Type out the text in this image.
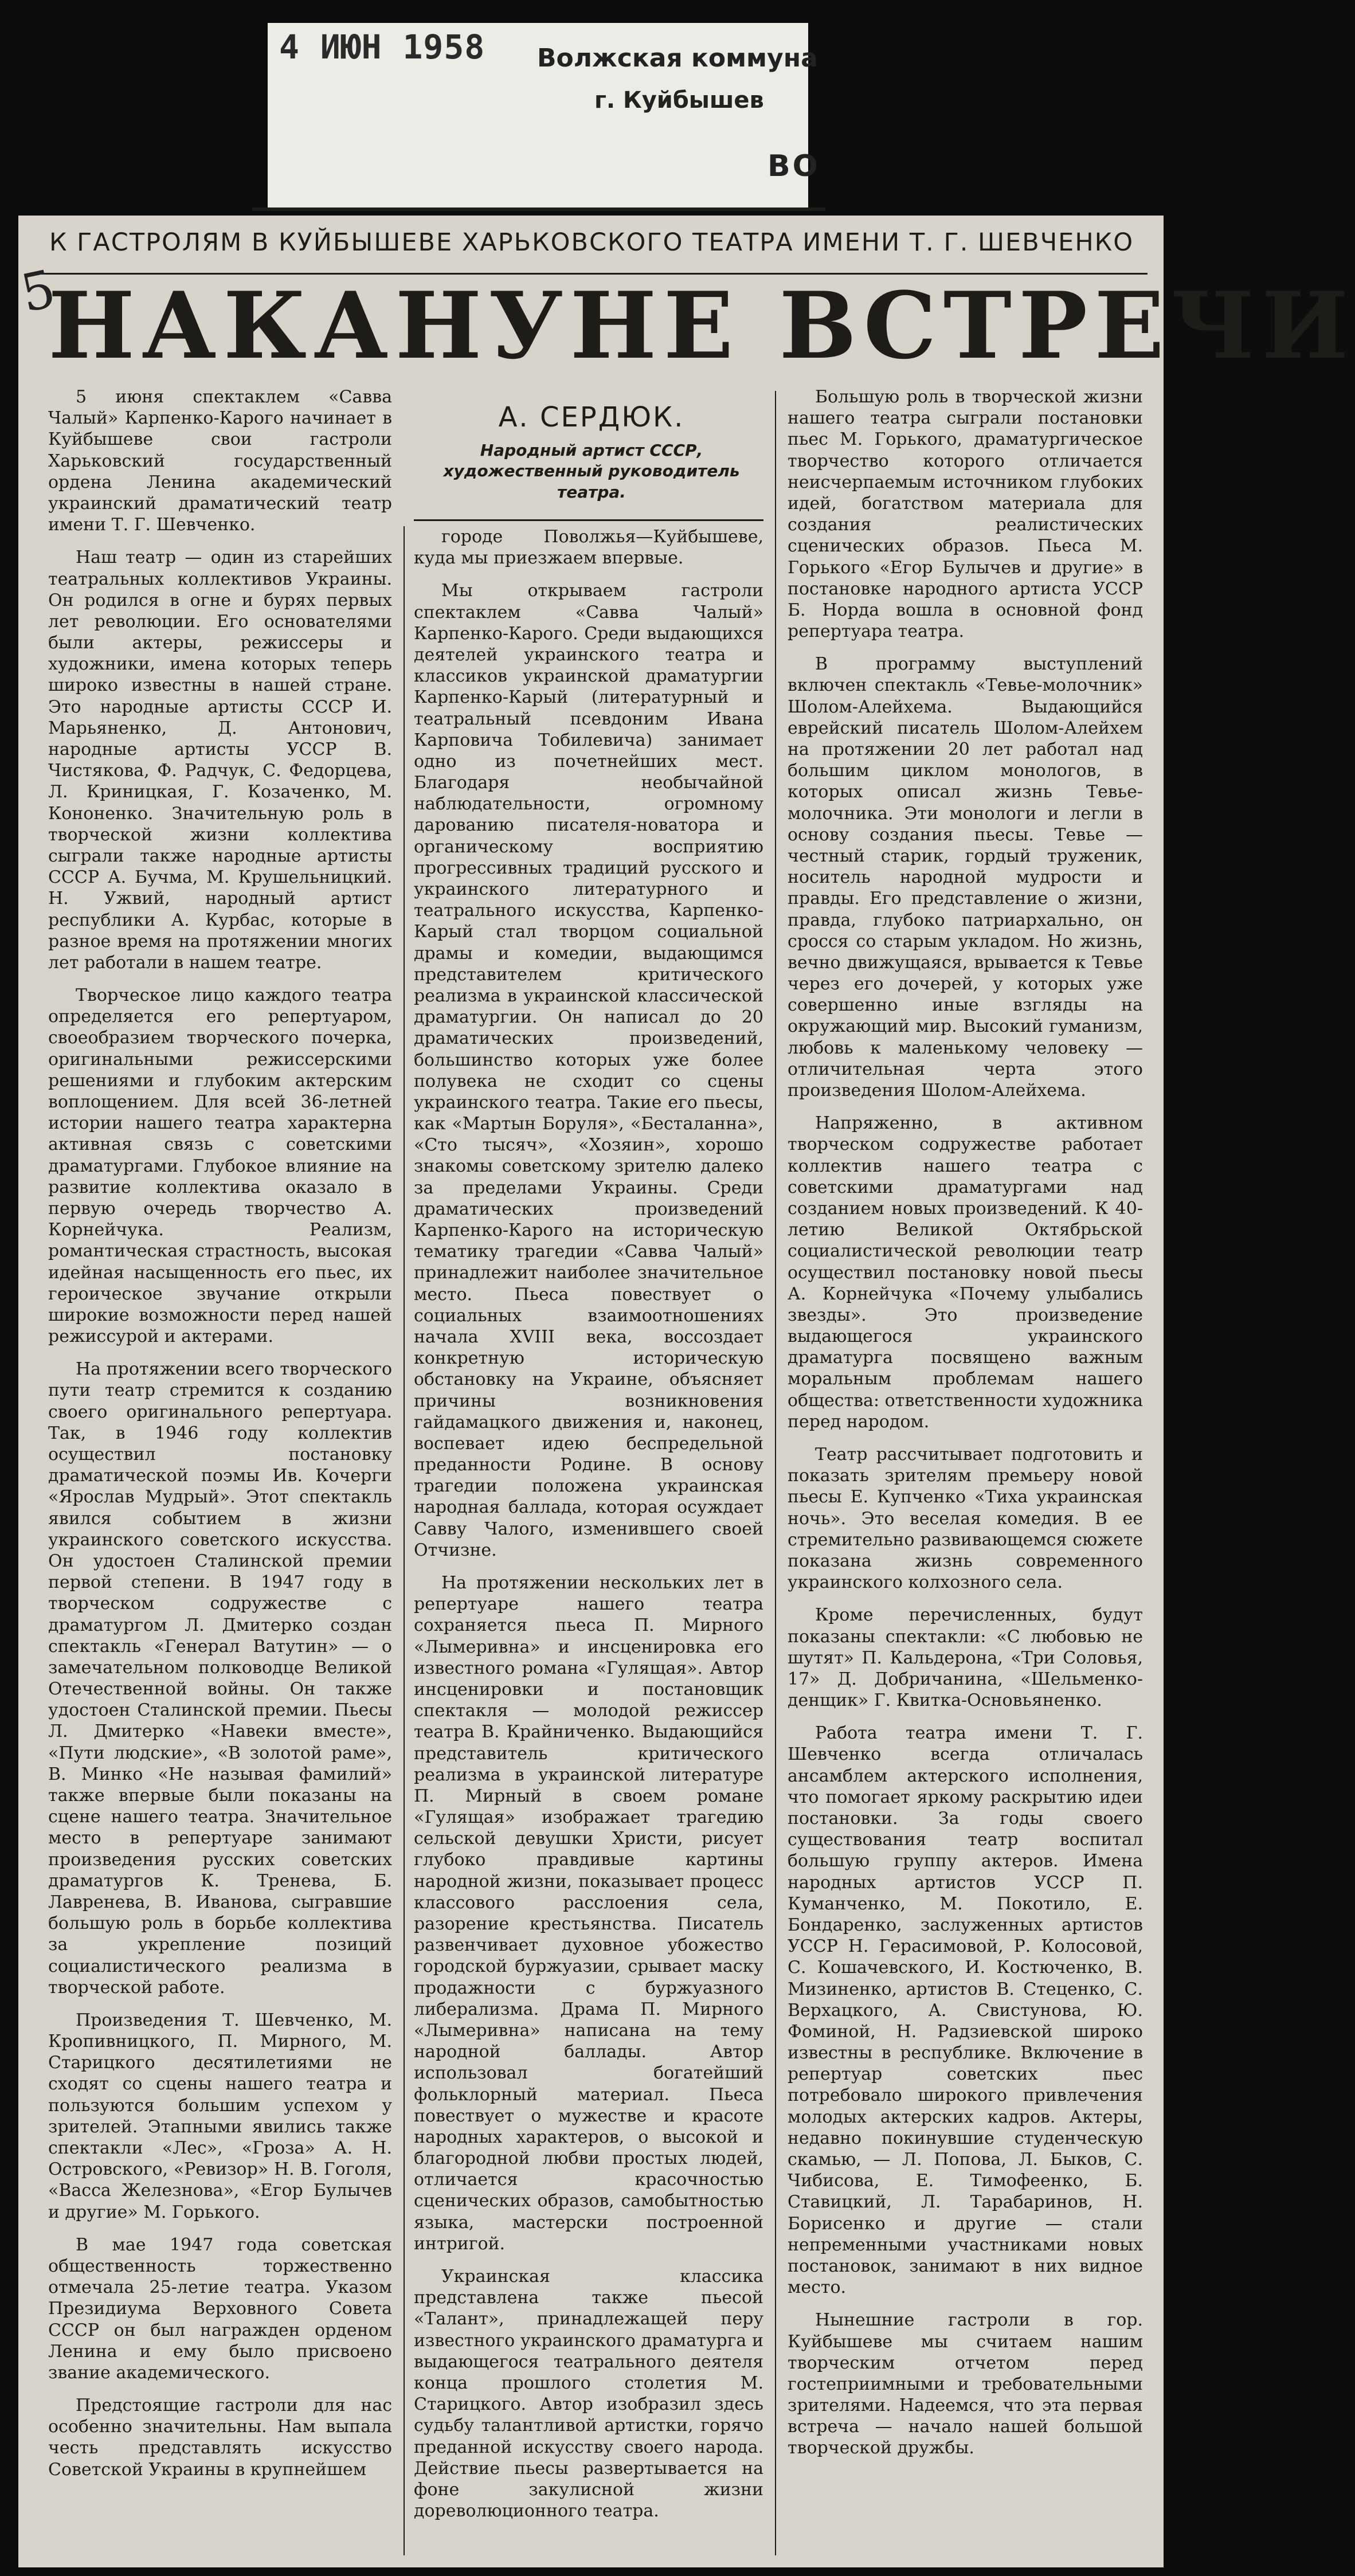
4 ИЮН 1958 Волжская коммуна
г. Куйбышев
ВО
К ГАСТРОЛЯМ В КУЙБЫШЕВЕ ХАРЬКОВСКОГО ТЕАТРА ИМЕНИ Т. Г. ШЕВЧЕНКО
5
НАКАНУНЕ ВСТРЕЧИ

5 июня спектаклем «Савва Чалый» Карпенко-Карого начинает в Куйбышеве свои гастроли Харьковский государственный ордена Ленина академический украинский драматический театр имени Т. Г. Шевченко.

Наш театр — один из старейших театральных коллективов Украины. Он родился в огне и бурях первых лет революции. Его основателями были актеры, режиссеры и художники, имена которых теперь широко известны в нашей стране. Это народные артисты СССР И. Марьяненко, Д. Антонович, народные артисты УССР В. Чистякова, Ф. Радчук, С. Федорцева, Л. Криницкая, Г. Козаченко, М. Кононенко. Значительную роль в творческой жизни коллектива сыграли также народные артисты СССР А. Бучма, М. Крушельницкий. Н. Ужвий, народный артист республики А. Курбас, которые в разное время на протяжении многих лет работали в нашем театре.

Творческое лицо каждого театра определяется его репертуаром, своеобразием творческого почерка, оригинальными режиссерскими решениями и глубоким актерским воплощением. Для всей 36-летней истории нашего театра характерна активная связь с советскими драматургами. Глубокое влияние на развитие коллектива оказало в первую очередь творчество А. Корнейчука. Реализм, романтическая страстность, высокая идейная насыщенность его пьес, их героическое звучание открыли широкие возможности перед нашей режиссурой и актерами.

На протяжении всего творческого пути театр стремится к созданию своего оригинального репертуара. Так, в 1946 году коллектив осуществил постановку драматической поэмы Ив. Кочерги «Ярослав Мудрый». Этот спектакль явился событием в жизни украинского советского искусства. Он удостоен Сталинской премии первой степени. В 1947 году в творческом содружестве с драматургом Л. Дмитерко создан спектакль «Генерал Ватутин» — о замечательном полководце Великой Отечественной войны. Он также удостоен Сталинской премии. Пьесы Л. Дмитерко «Навеки вместе», «Пути людские», «В золотой раме», В. Минко «Не называя фамилий» также впервые были показаны на сцене нашего театра. Значительное место в репертуаре занимают произведения русских советских драматургов К. Тренева, Б. Лавренева, В. Иванова, сыгравшие большую роль в борьбе коллектива за укрепление позиций социалистического реализма в творческой работе.

Произведения Т. Шевченко, М. Кропивницкого, П. Мирного, М. Старицкого десятилетиями не сходят со сцены нашего театра и пользуются большим успехом у зрителей. Этапными явились также спектакли «Лес», «Гроза» А. Н. Островского, «Ревизор» Н. В. Гоголя, «Васса Железнова», «Егор Булычев и другие» М. Горького.

В мае 1947 года советская общественность торжественно отмечала 25-летие театра. Указом Президиума Верховного Совета СССР он был награжден орденом Ленина и ему было присвоено звание академического.

Предстоящие гастроли для нас особенно значительны. Нам выпала честь представлять искусство Советской Украины в крупнейшем

А. СЕРДЮК.
Народный артист СССР, художественный руководитель театра.

городе Поволжья—Куйбышеве, куда мы приезжаем впервые.

Мы открываем гастроли спектаклем «Савва Чалый» Карпенко-Карого. Среди выдающихся деятелей украинского театра и классиков украинской драматургии Карпенко-Карый (литературный и театральный псевдоним Ивана Карповича Тобилевича) занимает одно из почетнейших мест. Благодаря необычайной наблюдательности, огромному дарованию писателя-новатора и органическому восприятию прогрессивных традиций русского и украинского литературного и театрального искусства, Карпенко-Карый стал творцом социальной драмы и комедии, выдающимся представителем критического реализма в украинской классической драматургии. Он написал до 20 драматических произведений, большинство которых уже более полувека не сходит со сцены украинского театра. Такие его пьесы, как «Мартын Боруля», «Бесталанна», «Сто тысяч», «Хозяин», хорошо знакомы советскому зрителю далеко за пределами Украины. Среди драматических произведений Карпенко-Карого на историческую тематику трагедии «Савва Чалый» принадлежит наиболее значительное место. Пьеса повествует о социальных взаимоотношениях начала XVIII века, воссоздает конкретную историческую обстановку на Украине, объясняет причины возникновения гайдамацкого движения и, наконец, воспевает идею беспредельной преданности Родине. В основу трагедии положена украинская народная баллада, которая осуждает Савву Чалого, изменившего своей Отчизне.

На протяжении нескольких лет в репертуаре нашего театра сохраняется пьеса П. Мирного «Лымеривна» и инсценировка его известного романа «Гулящая». Автор инсценировки и постановщик спектакля — молодой режиссер театра В. Крайниченко. Выдающийся представитель критического реализма в украинской литературе П. Мирный в своем романе «Гулящая» изображает трагедию сельской девушки Христи, рисует глубоко правдивые картины народной жизни, показывает процесс классового расслоения села, разорение крестьянства. Писатель развенчивает духовное убожество городской буржуазии, срывает маску продажности с буржуазного либерализма. Драма П. Мирного «Лымеривна» написана на тему народной баллады. Автор использовал богатейший фольклорный материал. Пьеса повествует о мужестве и красоте народных характеров, о высокой и благородной любви простых людей, отличается красочностью сценических образов, самобытностью языка, мастерски построенной интригой.

Украинская классика представлена также пьесой «Талант», принадлежащей перу известного украинского драматурга и выдающегося театрального деятеля конца прошлого столетия М. Старицкого. Автор изобразил здесь судьбу талантливой артистки, горячо преданной искусству своего народа. Действие пьесы развертывается на фоне закулисной жизни дореволюционного театра.

Большую роль в творческой жизни нашего театра сыграли постановки пьес М. Горького, драматургическое творчество которого отличается неисчерпаемым источником глубоких идей, богатством материала для создания реалистических сценических образов. Пьеса М. Горького «Егор Булычев и другие» в постановке народного артиста УССР Б. Норда вошла в основной фонд репертуара театра.

В программу выступлений включен спектакль «Тевье-молочник» Шолом-Алейхема. Выдающийся еврейский писатель Шолом-Алейхем на протяжении 20 лет работал над большим циклом монологов, в которых описал жизнь Тевье-молочника. Эти монологи и легли в основу создания пьесы. Тевье — честный старик, гордый труженик, носитель народной мудрости и правды. Его представление о жизни, правда, глубоко патриархально, он сросся со старым укладом. Но жизнь, вечно движущаяся, врывается к Тевье через его дочерей, у которых уже совершенно иные взгляды на окружающий мир. Высокий гуманизм, любовь к маленькому человеку — отличительная черта этого произведения Шолом-Алейхема.

Напряженно, в активном творческом содружестве работает коллектив нашего театра с советскими драматургами над созданием новых произведений. К 40-летию Великой Октябрьской социалистической революции театр осуществил постановку новой пьесы А. Корнейчука «Почему улыбались звезды». Это произведение выдающегося украинского драматурга посвящено важным моральным проблемам нашего общества: ответственности художника перед народом.

Театр рассчитывает подготовить и показать зрителям премьеру новой пьесы Е. Купченко «Тиха украинская ночь». Это веселая комедия. В ее стремительно развивающемся сюжете показана жизнь современного украинского колхозного села.

Кроме перечисленных, будут показаны спектакли: «С любовью не шутят» П. Кальдерона, «Три Соловья, 17» Д. Добричанина, «Шельменко-денщик» Г. Квитка-Основьяненко.

Работа театра имени Т. Г. Шевченко всегда отличалась ансамблем актерского исполнения, что помогает яркому раскрытию идеи постановки. За годы своего существования театр воспитал большую группу актеров. Имена народных артистов УССР П. Куманченко, М. Покотило, Е. Бондаренко, заслуженных артистов УССР Н. Герасимовой, Р. Колосовой, С. Кошачевского, И. Костюченко, В. Мизиненко, артистов В. Стеценко, С. Верхацкого, А. Свистунова, Ю. Фоминой, Н. Радзиевской широко известны в республике. Включение в репертуар советских пьес потребовало широкого привлечения молодых актерских кадров. Актеры, недавно покинувшие студенческую скамью, — Л. Попова, Л. Быков, С. Чибисова, Е. Тимофеенко, Б. Ставицкий, Л. Тарабаринов, Н. Борисенко и другие — стали непременными участниками новых постановок, занимают в них видное место.

Нынешние гастроли в гор. Куйбышеве мы считаем нашим творческим отчетом перед гостеприимными и требовательными зрителями. Надеемся, что эта первая встреча — начало нашей большой творческой дружбы.
